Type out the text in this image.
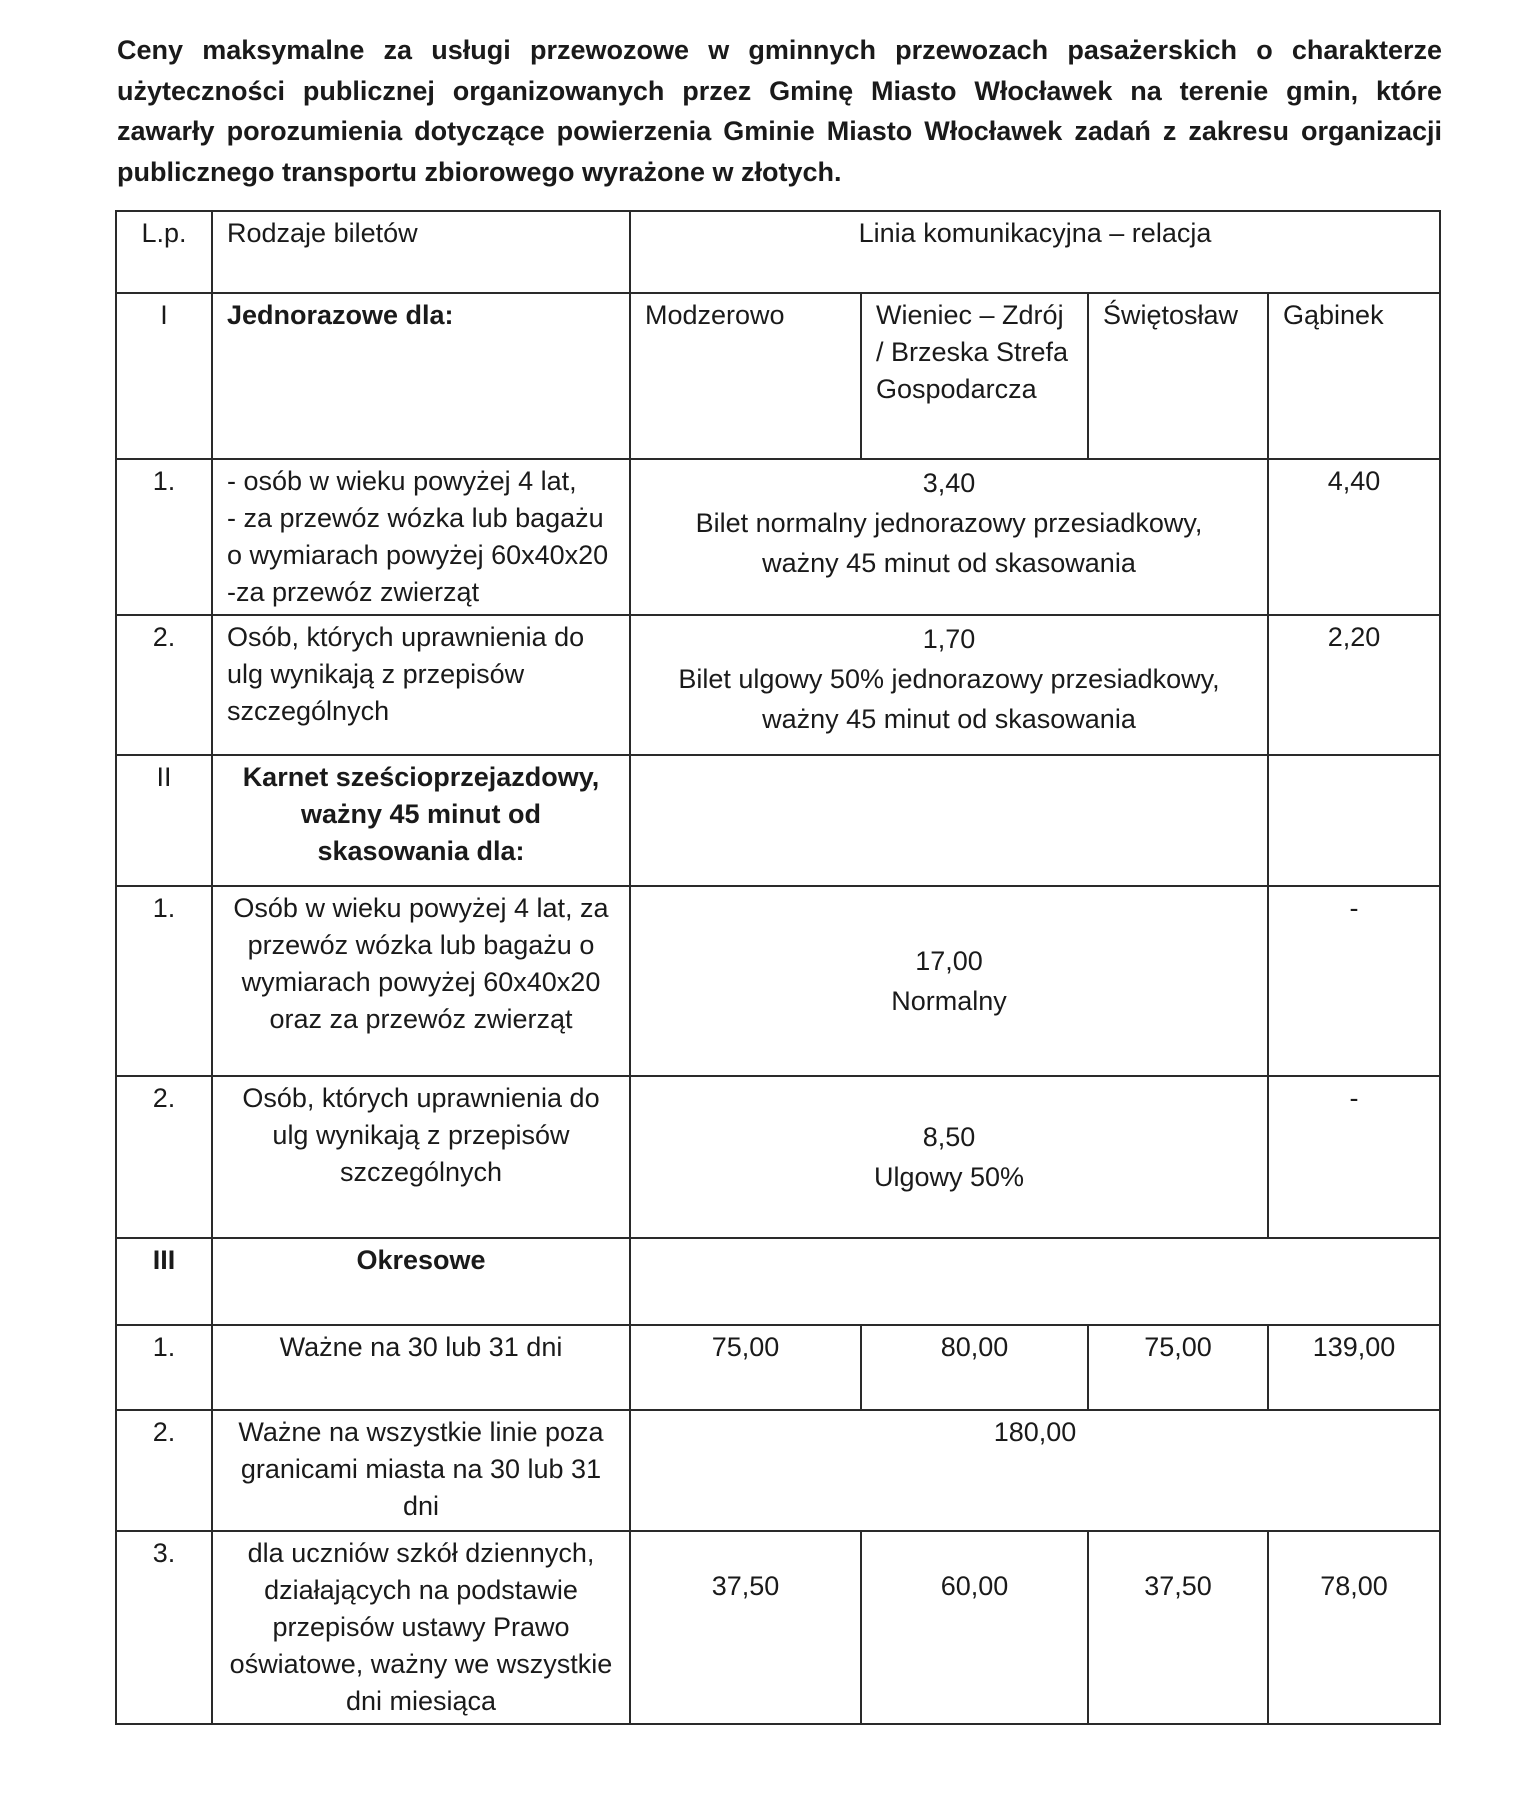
Ceny maksymalne za usługi przewozowe w gminnych przewozach pasażerskich o charakterze użyteczności publicznej organizowanych przez Gminę Miasto Włocławek na terenie gmin, które zawarły porozumienia dotyczące powierzenia Gminie Miasto Włocławek zadań z zakresu organizacji publicznego transportu zbiorowego wyrażone w złotych.

L.p.	Rodzaje biletów	Linia komunikacyjna – relacja			
I	Jednorazowe dla:	Modzerowo	Wieniec – Zdrój / Brzeska Strefa Gospodarcza	Świętosław	Gąbinek
1.	- osób w wieku powyżej 4 lat,
- za przewóz wózka lub bagażu
o wymiarach powyżej 60x40x20
-za przewóz zwierząt	3,40
Bilet normalny jednorazowy przesiadkowy,
ważny 45 minut od skasowania			4,40
2.	Osób, których uprawnienia do
ulg wynikają z przepisów
szczególnych	1,70
Bilet ulgowy 50% jednorazowy przesiadkowy,
ważny 45 minut od skasowania			2,20
II	Karnet sześcioprzejazdowy,
ważny 45 minut od
skasowania dla:				

1.	Osób w wieku powyżej 4 lat, za
przewóz wózka lub bagażu o
wymiarach powyżej 60x40x20
oraz za przewóz zwierząt	17,00
Normalny			-
2.	Osób, których uprawnienia do
ulg wynikają z przepisów
szczególnych	8,50
Ulgowy 50%			-
III	Okresowe				
1.	Ważne na 30 lub 31 dni	75,00	80,00	75,00	139,00
2.	Ważne na wszystkie linie poza
granicami miasta na 30 lub 31
dni	180,00			
3.	dla uczniów szkół dziennych,
działających na podstawie
przepisów ustawy Prawo
oświatowe, ważny we wszystkie
dni miesiąca	37,50	60,00	37,50	78,00
